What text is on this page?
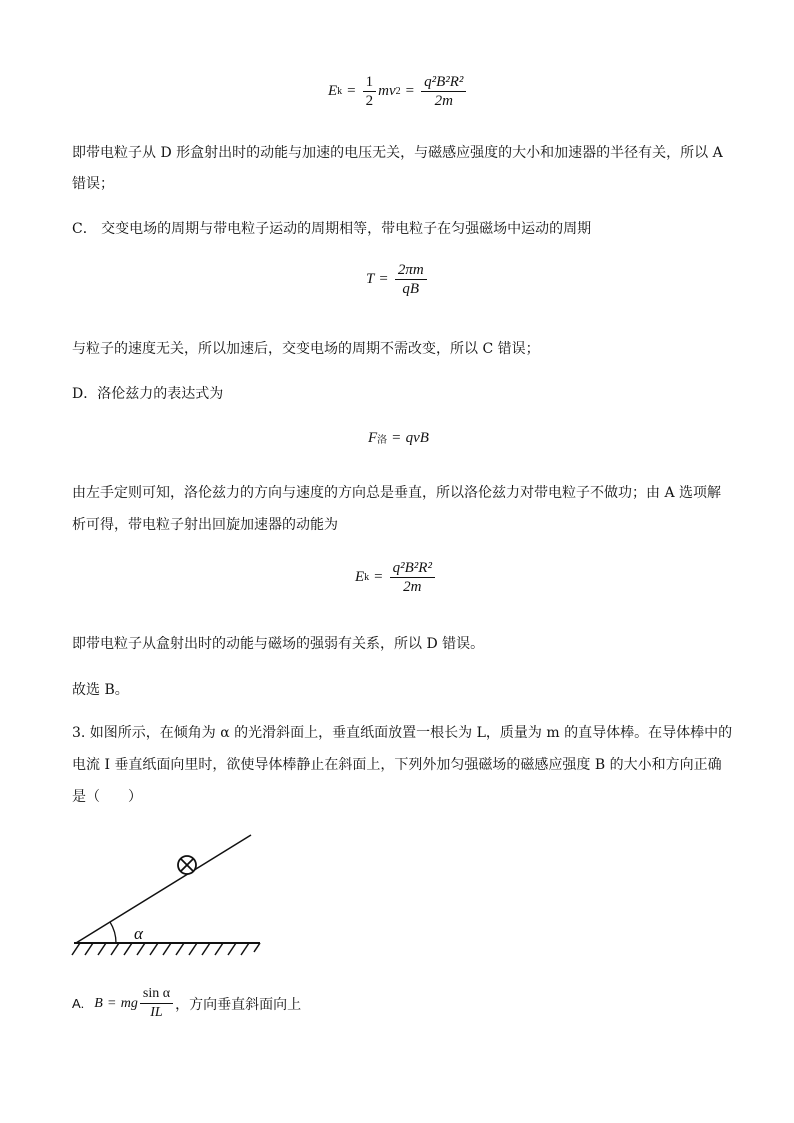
E $k = \frac{1}{2}$ mv $2 = \frac{\text{q²B²R²}}{2m}$
即带电粒子从 D 形盒射出时的动能与加速的电压无关，与磁感应强度的大小和加速器的半径有关，所以 A
错误；
C． 交变电场的周期与带电粒子运动的周期相等，带电粒子在匀强磁场中运动的周期
$T = \frac{2\pi m}{qB}$
与粒子的速度无关，所以加速后，交变电场的周期不需改变，所以 C 错误；
D．洛伦兹力的表达式为
F 洛 = qvB
由左手定则可知，洛伦兹力的方向与速度的方向总是垂直，所以洛伦兹力对带电粒子不做功；由 A 选项解
析可得，带电粒子射出回旋加速器的动能为
E $k = \frac{\text{q²B²R²}}{2m}$
即带电粒子从盒射出时的动能与磁场的强弱有关系，所以 D 错误。
故选 B。
3. 如图所示，在倾角为 α 的光滑斜面上，垂直纸面放置一根长为 L，质量为 m 的直导体棒。在导体棒中的
电流 I 垂直纸面向里时，欲使导体棒静止在斜面上，下列外加匀强磁场的磁感应强度 B 的大小和方向正确
是（　　）
α
A. B = mg $\frac{\text{sin α}}{IL}$ ，方向垂直斜面向上
